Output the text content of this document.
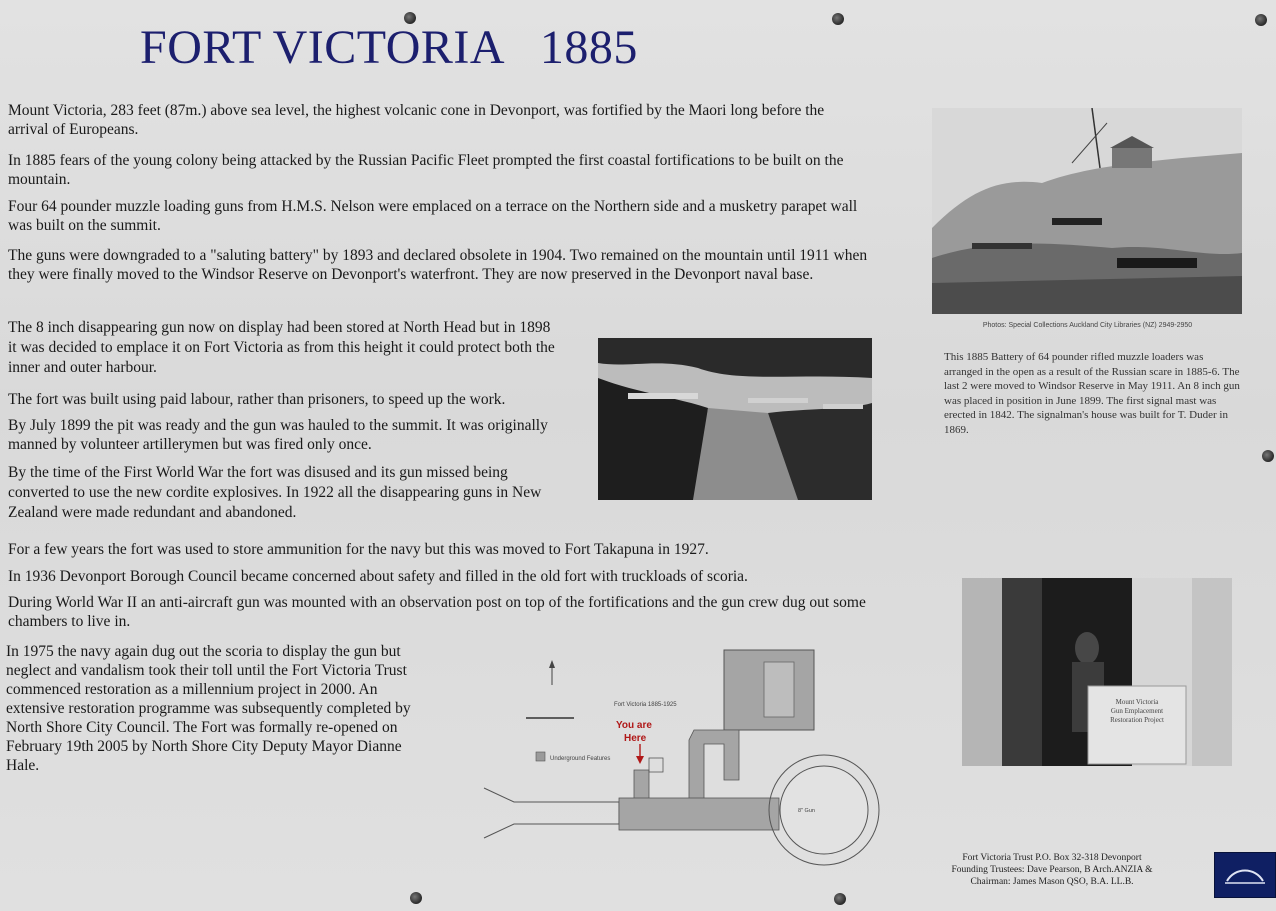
FORT VICTORIA   1885

Mount Victoria, 283 feet (87m.) above sea level, the highest volcanic cone in Devonport, was fortified by the Maori long before the arrival of Europeans.

In 1885 fears of the young colony being attacked by the Russian Pacific Fleet prompted the first coastal fortifications to be built on the mountain.

Four 64 pounder muzzle loading guns from H.M.S. Nelson were emplaced on a terrace on the Northern side and a musketry parapet wall was built on the summit.

The guns were downgraded to a "saluting battery" by 1893 and declared obsolete in 1904. Two remained on the mountain until 1911 when they were finally moved to the Windsor Reserve on Devonport's waterfront. They are now preserved in the Devonport naval base.

The 8 inch disappearing gun now on display had been stored at North Head but in 1898 it was decided to emplace it on Fort Victoria as from this height it could protect both the inner and outer harbour.

The fort was built using paid labour, rather than prisoners, to speed up the work.

By July 1899 the pit was ready and the gun was hauled to the summit. It was originally manned by volunteer artillerymen but was fired only once.

By the time of the First World War the fort was disused and its gun missed being converted to use the new cordite explosives. In 1922 all the disappearing guns in New Zealand were made redundant and abandoned.

For a few years the fort was used to store ammunition for the navy but this was moved to Fort Takapuna in 1927.

In 1936 Devonport Borough Council became concerned about safety and filled in the old fort with truckloads of scoria.

During World War II an anti-aircraft gun was mounted with an observation post on top of the fortifications and the gun crew dug out some chambers to live in.

In 1975 the navy again dug out the scoria to display the gun but neglect and vandalism took their toll until the Fort Victoria Trust commenced restoration as a millennium project in 2000. An extensive restoration programme was subsequently completed by North Shore City Council. The Fort was formally re-opened on February 19th 2005 by North Shore City Deputy Mayor Dianne Hale.

Photos: Special Collections Auckland City Libraries (NZ) 2949-2950
This 1885 Battery of 64 pounder rifled muzzle loaders was arranged in the open as a result of the Russian scare in 1885-6. The last 2 were moved to Windsor Reserve in May 1911. An 8 inch gun was placed in position in June 1899. The first signal mast was erected in 1842. The signalman's house was built for T. Duder in 1869.
Underground Features
Fort Victoria 1885-1925
You are
Here
8" Gun
Mount Victoria
Gun Emplacement
Restoration Project
Fort Victoria Trust P.O. Box 32-318 Devonport
Founding Trustees: Dave Pearson, B Arch.ANZIA &
Chairman: James Mason QSO, B.A. LL.B.
